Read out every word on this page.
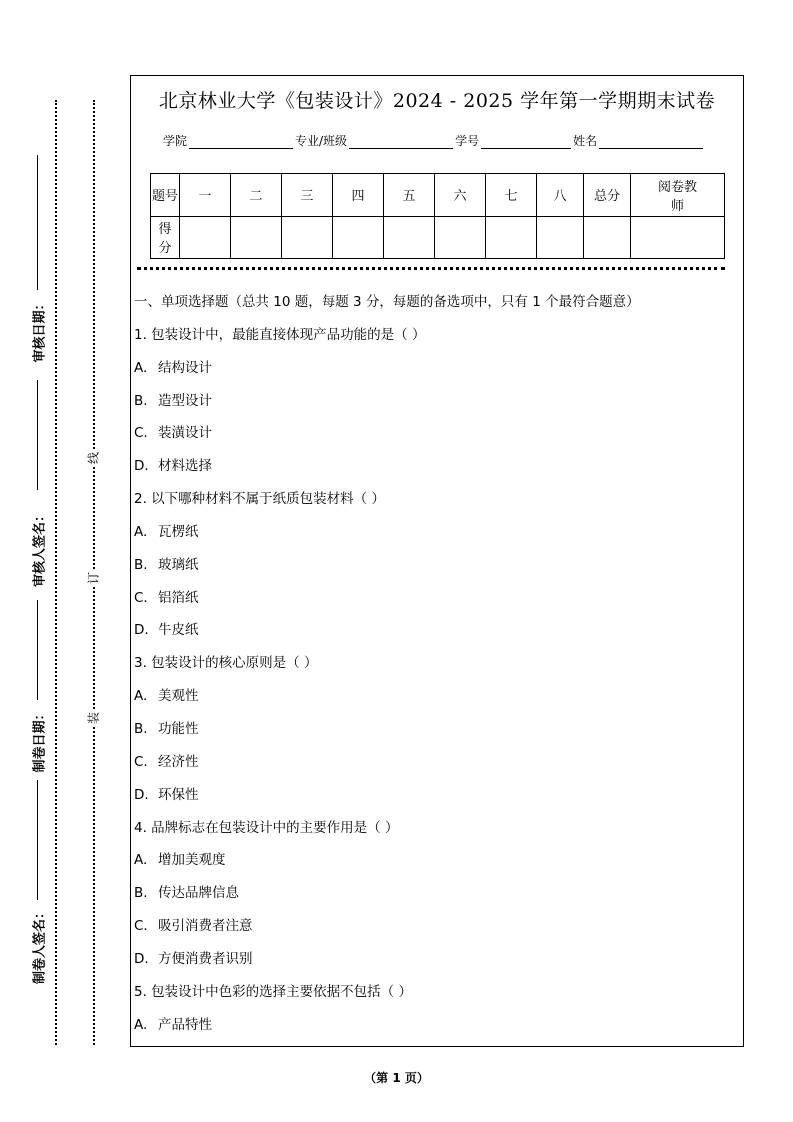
审核日期：
审核人签名：
制卷日期：
制卷人签名：
线
订
装
北京林业大学《包装设计》2024 - 2025 学年第一学期期末试卷
学院	专业/班级	学号	姓名
题号	一	二	三	四	五	六	七	八	总分	阅卷教师
得分										
一、单项选择题（总共 10 题，每题 3 分，每题的备选项中，只有 1 个最符合题意）
1. 包装设计中，最能直接体现产品功能的是（ ）
A. 结构设计
B. 造型设计
C. 装潢设计
D. 材料选择
2. 以下哪种材料不属于纸质包装材料（ ）
A. 瓦楞纸
B. 玻璃纸
C. 铝箔纸
D. 牛皮纸
3. 包装设计的核心原则是（ ）
A. 美观性
B. 功能性
C. 经济性
D. 环保性
4. 品牌标志在包装设计中的主要作用是（ ）
A. 增加美观度
B. 传达品牌信息
C. 吸引消费者注意
D. 方便消费者识别
5. 包装设计中色彩的选择主要依据不包括（ ）
A. 产品特性
（第 1 页）
